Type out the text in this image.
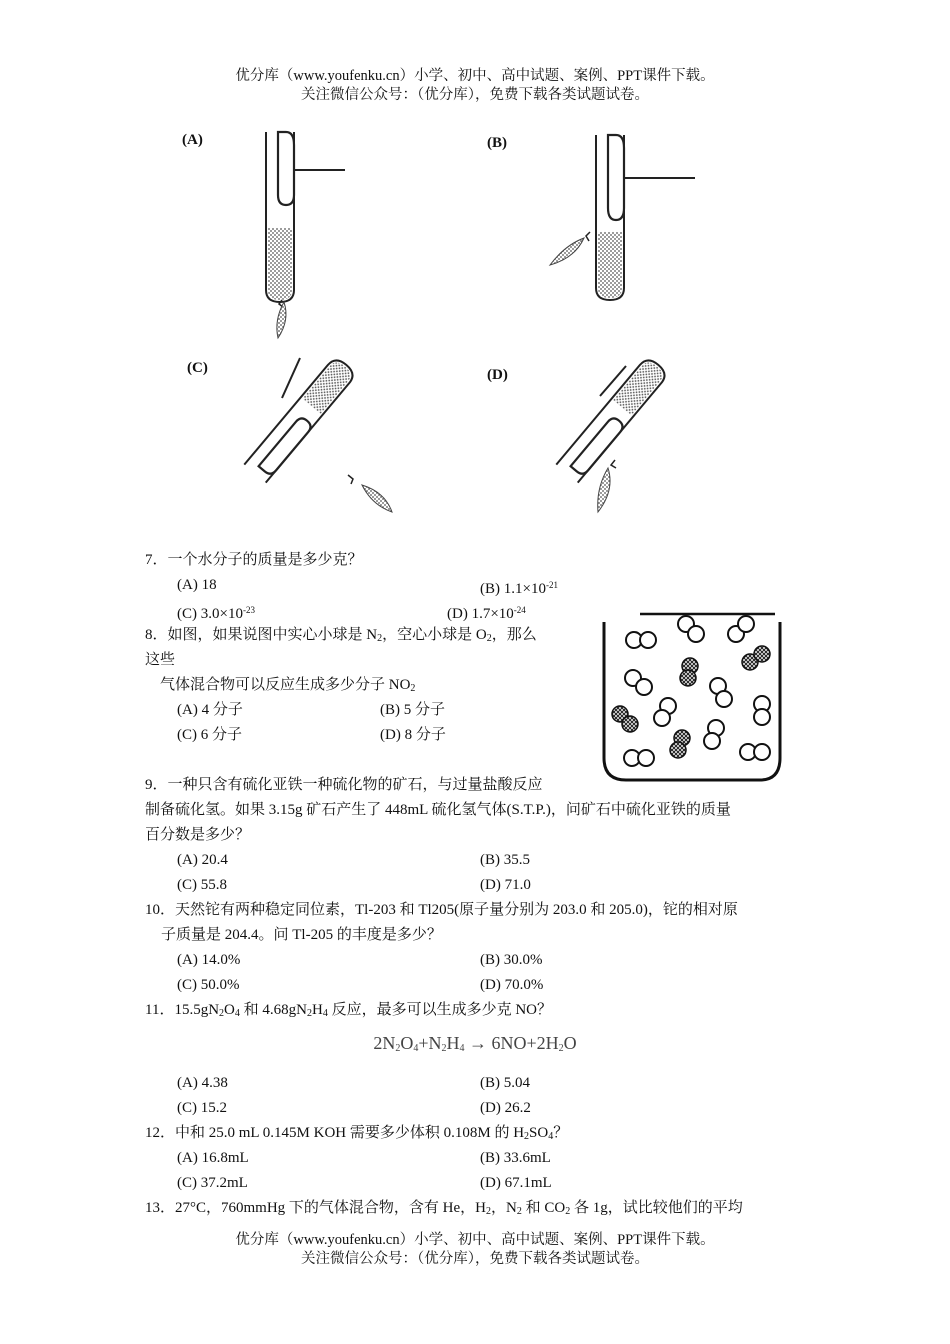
优分库（www.youfenku.cn）小学、初中、高中试题、案例、PPT课件下载。
关注微信公众号：（优分库），免费下载各类试题试卷。
(A)	(B)
(C)	(D)
7．一个水分子的质量是多少克？
(A) 18	(B) $1.1\times 10^{-21}$
(C) $3.0\times 10^{-23}$	(D) $1.7\times 10^{-24}$
8．如图，如果说图中实心小球是 $N_2$，空心小球是 $O_2$，那么
这些
气体混合物可以反应生成多少分子 $NO_2$
(A) 4 分子	(B) 5 分子
(C) 6 分子	(D) 8 分子
9．一种只含有硫化亚铁一种硫化物的矿石，与过量盐酸反应
制备硫化氢。如果 3.15g 矿石产生了 448mL 硫化氢气体(S.T.P.)，问矿石中硫化亚铁的质量
百分数是多少？
(A) 20.4	(B) 35.5
(C) 55.8	(D) 71.0
10．天然铊有两种稳定同位素，Tl-203 和 Tl205(原子量分别为 203.0 和 205.0)，铊的相对原
子质量是 204.4。问 Tl-205 的丰度是多少？
(A) 14.0%	(B) 30.0%
(C) 50.0%	(D) 70.0%
11．$15.5gN_2O_4$ 和 $4.68gN_2H_4$ 反应，最多可以生成多少克 NO？
$2N_2O_4+N_2H_4 \to 6NO+2H_2O$
(A) 4.38	(B) 5.04
(C) 15.2	(D) 26.2
12．中和 25.0 mL 0.145M KOH 需要多少体积 0.108M 的 $H_2SO_4$？
(A) 16.8mL	(B) 33.6mL
(C) 37.2mL	(D) 67.1mL
13．27°C，760mmHg 下的气体混合物，含有 He，$H_2$，$N_2$ 和 $CO_2$ 各 1g，试比较他们的平均
优分库（www.youfenku.cn）小学、初中、高中试题、案例、PPT课件下载。
关注微信公众号：（优分库），免费下载各类试题试卷。
